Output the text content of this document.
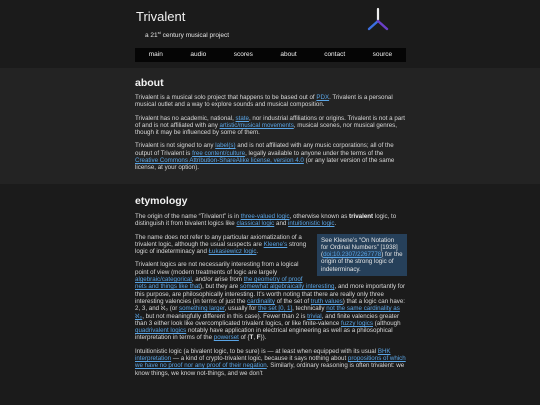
Trivalent
a 21st century musical project
main	audio	scores	about	contact	source
about

Trivalent is a musical solo project that happens to be based out of PDX. Trivalent is a personal musical outlet and a way to explore sounds and musical composition.

Trivalent has no academic, national, state, nor industrial affiliations or origins. Trivalent is not a part of and is not affiliated with any artistic/musical movements, musical scenes, nor musical genres, though it may be influenced by some of them.

Trivalent is not signed to any label(s) and is not affiliated with any music corporations; all of the output of Trivalent is free content/culture, legally available to anyone under the terms of the Creative Commons Attribution-ShareAlike license, version 4.0 (or any later version of the same license, at your option).

etymology

The origin of the name “Trivalent” is in three-valued logic, otherwise known as trivalent logic, to distinguish it from bivalent logics like classical logic and intuitionistic logic.

See Kleene’s “On Notation for Ordinal Numbers” [1938] (doi:10.2307/2267778) for the origin of the strong logic of indeterminacy.

The name does not refer to any particular axiomatization of a trivalent logic, although the usual suspects are Kleene’s strong logic of indeterminacy and Łukasiewicz logic.

Trivalent logics are not necessarily interesting from a logical point of view (modern treatments of logic are largely algebraic/categorical, and/or arise from the geometry of proof nets and things like that), but they are somewhat algebraically interesting, and more importantly for this purpose, are philosophically interesting. It’s worth noting that there are really only three interesting valencies (in terms of just the cardinality of the set of truth values) that a logic can have: 2, 3, and ℵ₀ (or something larger, usually for the set [0, 1], technically not the same cardinality as ℵ₀, but not meaningfully different in this case). Fewer than 2 is trivial, and finite valencies greater than 3 either look like overcomplicated trivalent logics, or like finite-valence fuzzy logics (although quadrivalent logics notably have application in electrical engineering as well as a philosophical interpretation in terms of the powerset of {T, F}).

Intuitionistic logic (a bivalent logic, to be sure) is — at least when equipped with its usual BHK interpretation — a kind of crypto-trivalent logic, because it says nothing about propositions of which we have no proof nor any proof of their negation. Similarly, ordinary reasoning is often trivalent: we know things, we know not-things, and we don’t
